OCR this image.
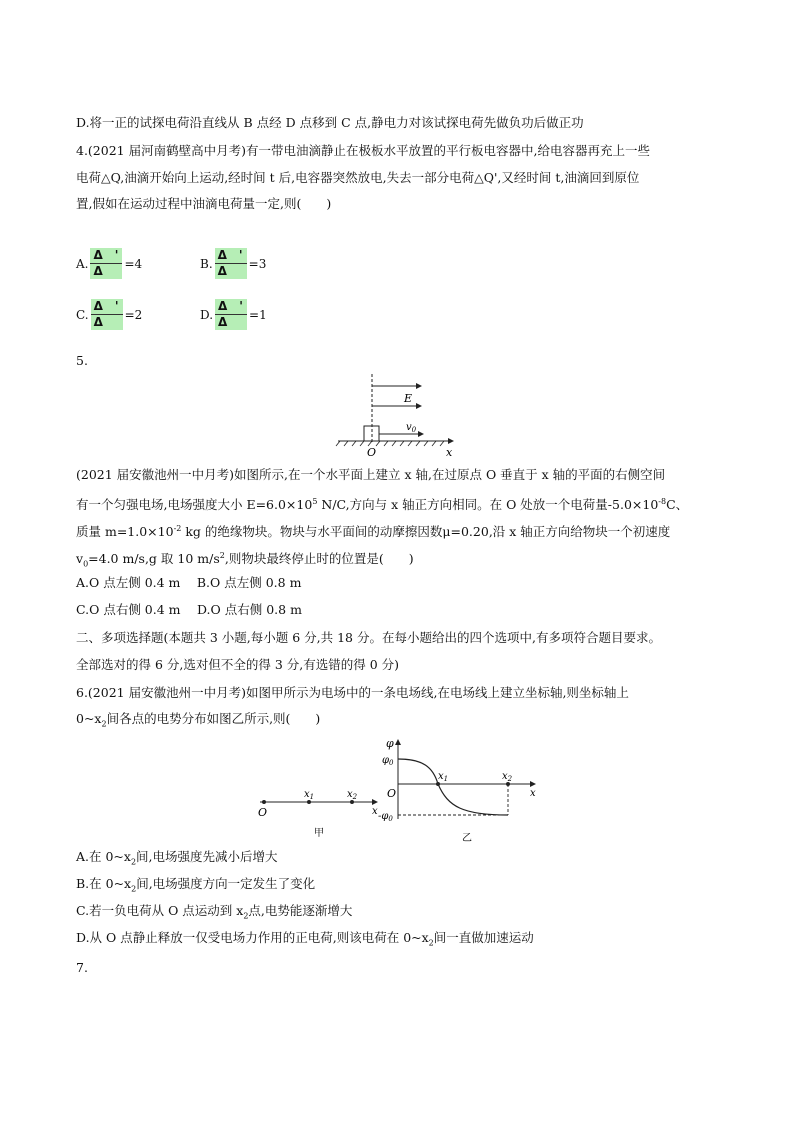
D.将一正的试探电荷沿直线从 B 点经 D 点移到 C 点,静电力对该试探电荷先做负功后做正功
4.(2021 届河南鹤壁高中月考)有一带电油滴静止在极板水平放置的平行板电容器中,给电容器再充上一些
电荷△Q,油滴开始向上运动,经时间 t 后,电容器突然放电,失去一部分电荷△Q',又经时间 t,油滴回到原位
置,假如在运动过程中油滴电荷量一定,则(　　)
A. $\frac{\Delta '}{\Delta} =4$	B. $\frac{\Delta '}{\Delta} =3$
C. $\frac{\Delta '}{\Delta} =2$	D. $\frac{\Delta '}{\Delta} =1$
5.
E
$v_0$
O	x
(2021 届安徽池州一中月考)如图所示,在一个水平面上建立 x 轴,在过原点 O 垂直于 x 轴的平面的右侧空间
有一个匀强电场,电场强度大小 $E=6.0\times 10^5$ N/C,方向与 x 轴正方向相同。在 O 处放一个电荷量$-5.0\times 10^{-8}C$、
质量 $m=1.0\times 10^{-2}$ kg 的绝缘物块。物块与水平面间的动摩擦因数μ=0.20,沿 x 轴正方向给物块一个初速度
$v_0=4.0$ m/s,g 取 10 $m/s^2$,则物块最终停止时的位置是(　　)
A.O 点左侧 0.4 m　 B.O 点左侧 0.8 m
C.O 点右侧 0.4 m　 D.O 点右侧 0.8 m
二、多项选择题(本题共 3 小题,每小题 6 分,共 18 分。在每小题给出的四个选项中,有多项符合题目要求。
全部选对的得 6 分,选对但不全的得 3 分,有选错的得 0 分)
6.(2021 届安徽池州一中月考)如图甲所示为电场中的一条电场线,在电场线上建立坐标轴,则坐标轴上
$0\sim x_2$间各点的电势分布如图乙所示,则(　　)
O
$x_1$	$x_2$
x
甲
φ
$\varphi_0$
O
$x_1$	$x_2$
x
$-\varphi_0$
乙
A.在 $0\sim x_2$间,电场强度先减小后增大
B.在 $0\sim x_2$间,电场强度方向一定发生了变化
C.若一负电荷从 O 点运动到 $x_2$点,电势能逐渐增大
D.从 O 点静止释放一仅受电场力作用的正电荷,则该电荷在 $0\sim x_2$间一直做加速运动
7.
